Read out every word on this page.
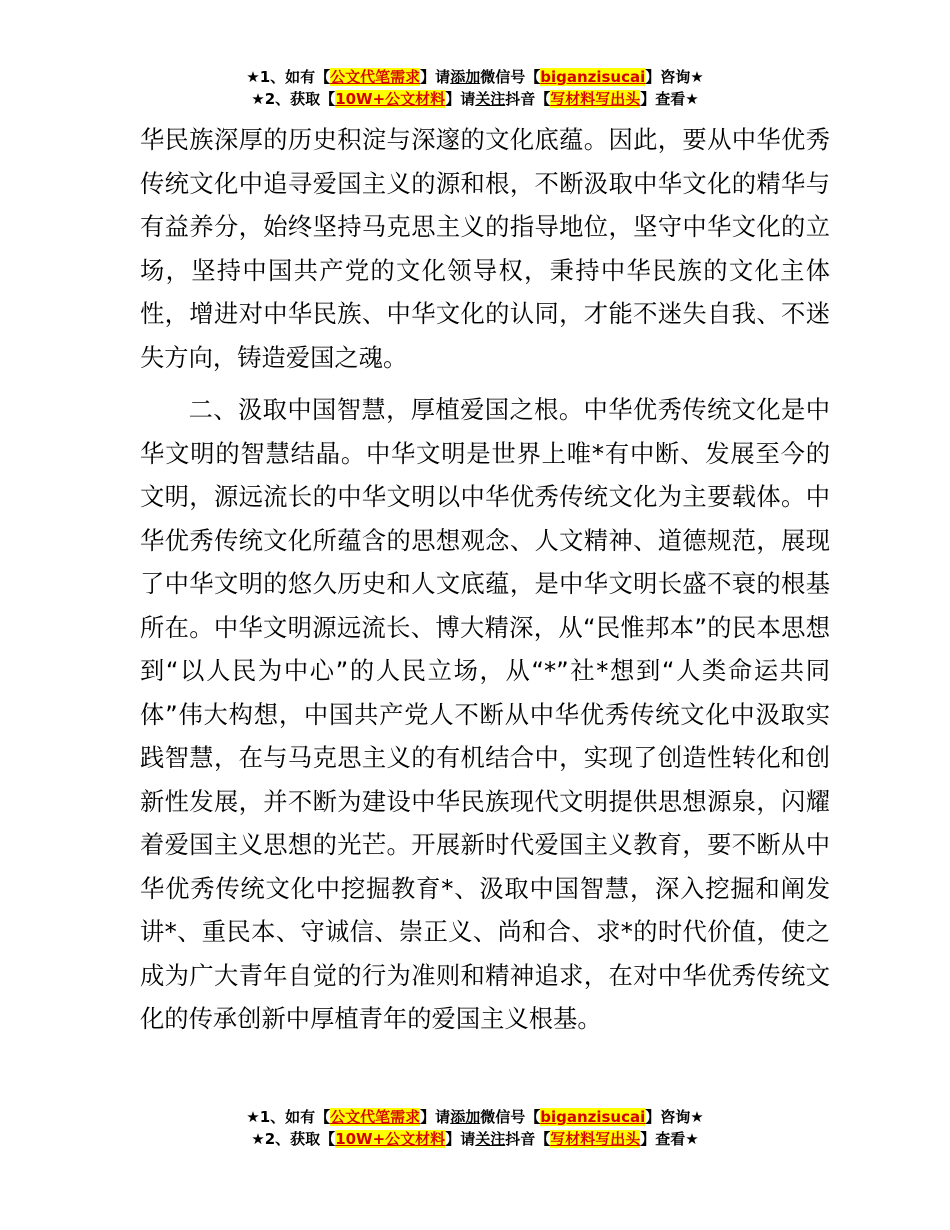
★1、如有【公文代笔需求】请添加微信号【biganzisucai】咨询★
★2、获取【10W+公文材料】请关注抖音【写材料写出头】查看★

华民族深厚的历史积淀与深邃的文化底蕴。因此，要从中华优秀传统文化中追寻爱国主义的源和根，不断汲取中华文化的精华与有益养分，始终坚持马克思主义的指导地位，坚守中华文化的立场，坚持中国共产党的文化领导权，秉持中华民族的文化主体性，增进对中华民族、中华文化的认同，才能不迷失自我、不迷失方向，铸造爱国之魂。

二、汲取中国智慧，厚植爱国之根。中华优秀传统文化是中华文明的智慧结晶。中华文明是世界上唯*有中断、发展至今的文明，源远流长的中华文明以中华优秀传统文化为主要载体。中华优秀传统文化所蕴含的思想观念、人文精神、道德规范，展现了中华文明的悠久历史和人文底蕴，是中华文明长盛不衰的根基所在。中华文明源远流长、博大精深，从“民惟邦本”的民本思想到“以人民为中心”的人民立场，从“*”社*想到“人类命运共同体”伟大构想，中国共产党人不断从中华优秀传统文化中汲取实践智慧，在与马克思主义的有机结合中，实现了创造性转化和创新性发展，并不断为建设中华民族现代文明提供思想源泉，闪耀着爱国主义思想的光芒。开展新时代爱国主义教育，要不断从中华优秀传统文化中挖掘教育*、汲取中国智慧，深入挖掘和阐发讲*、重民本、守诚信、崇正义、尚和合、求*的时代价值，使之成为广大青年自觉的行为准则和精神追求，在对中华优秀传统文化的传承创新中厚植青年的爱国主义根基。

★1、如有【公文代笔需求】请添加微信号【biganzisucai】咨询★
★2、获取【10W+公文材料】请关注抖音【写材料写出头】查看★
